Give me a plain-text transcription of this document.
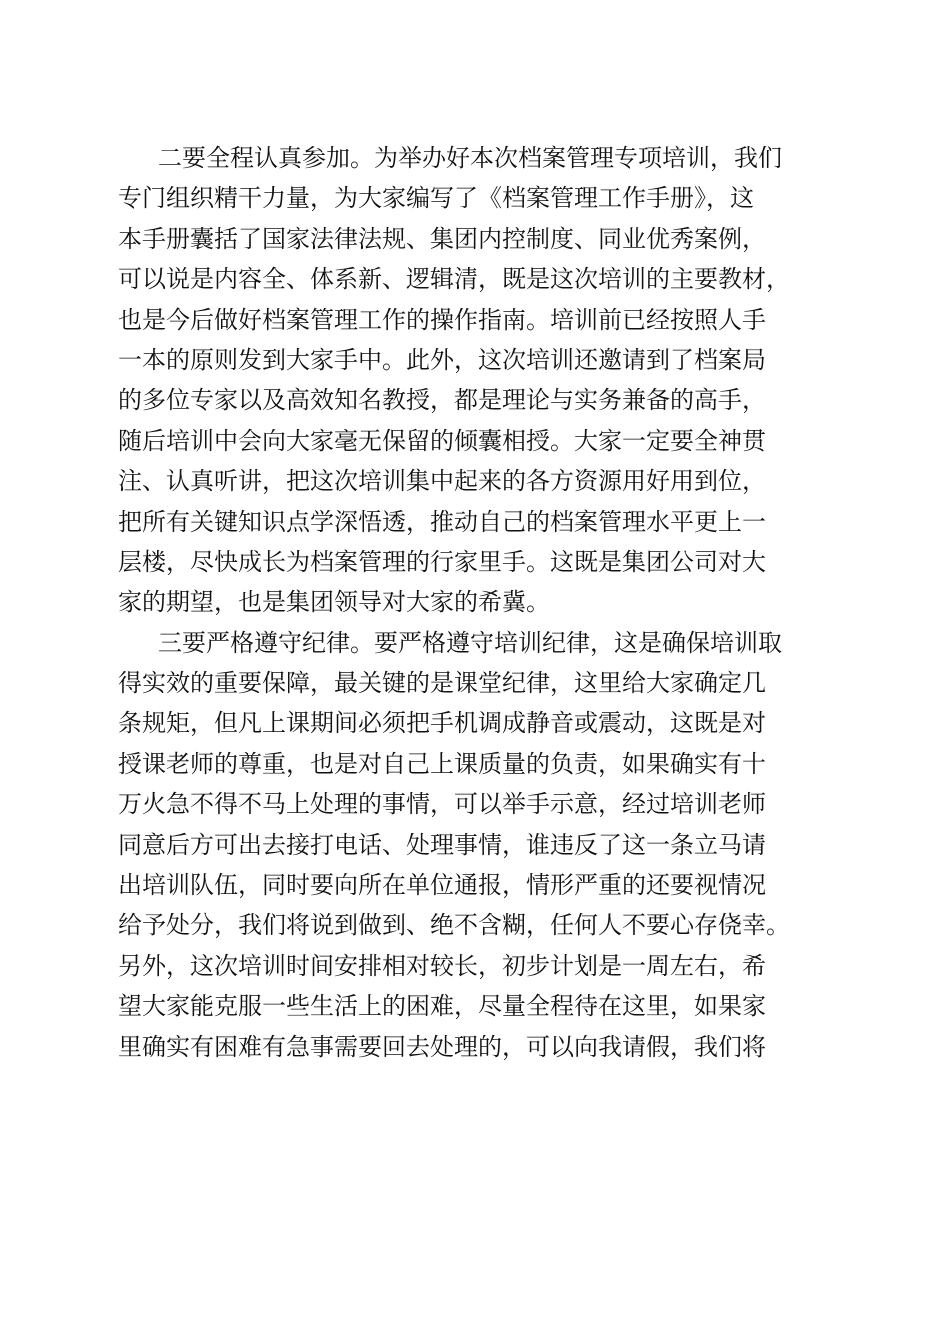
二要全程认真参加。为举办好本次档案管理专项培训，我们
专门组织精干力量，为大家编写了《档案管理工作手册》，这
本手册囊括了国家法律法规、集团内控制度、同业优秀案例，
可以说是内容全、体系新、逻辑清，既是这次培训的主要教材，
也是今后做好档案管理工作的操作指南。培训前已经按照人手
一本的原则发到大家手中。此外，这次培训还邀请到了档案局
的多位专家以及高效知名教授，都是理论与实务兼备的高手，
随后培训中会向大家毫无保留的倾囊相授。大家一定要全神贯
注、认真听讲，把这次培训集中起来的各方资源用好用到位，
把所有关键知识点学深悟透，推动自己的档案管理水平更上一
层楼，尽快成长为档案管理的行家里手。这既是集团公司对大
家的期望，也是集团领导对大家的希冀。
三要严格遵守纪律。要严格遵守培训纪律，这是确保培训取
得实效的重要保障，最关键的是课堂纪律，这里给大家确定几
条规矩，但凡上课期间必须把手机调成静音或震动，这既是对
授课老师的尊重，也是对自己上课质量的负责，如果确实有十
万火急不得不马上处理的事情，可以举手示意，经过培训老师
同意后方可出去接打电话、处理事情，谁违反了这一条立马请
出培训队伍，同时要向所在单位通报，情形严重的还要视情况
给予处分，我们将说到做到、绝不含糊，任何人不要心存侥幸。
另外，这次培训时间安排相对较长，初步计划是一周左右，希
望大家能克服一些生活上的困难，尽量全程待在这里，如果家
里确实有困难有急事需要回去处理的，可以向我请假，我们将
